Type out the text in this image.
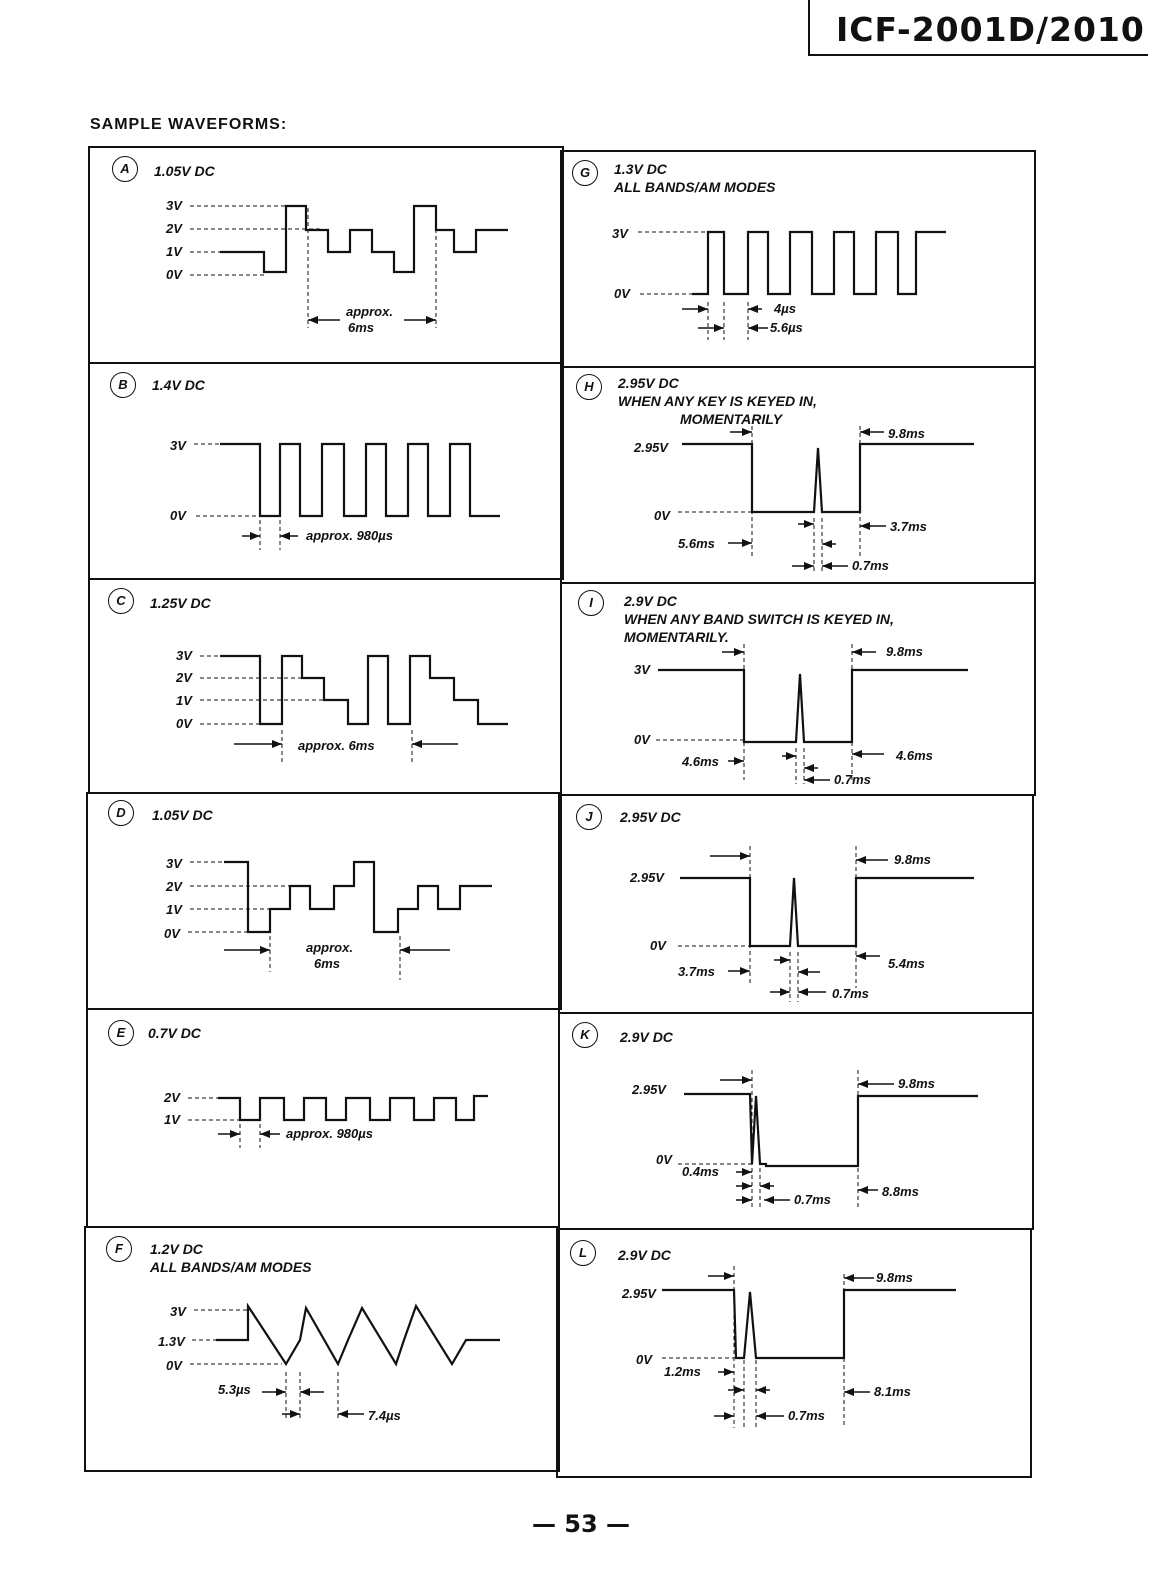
ICF-2001D/2010
SAMPLE WAVEFORMS:
A	1.05V DC
3V
2V
1V
0V
approx.
6ms
G	1.3V DC
ALL BANDS/AM MODES
3V
0V
4µs
5.6µs
B	1.4V DC
3V
0V
approx. 980µs
H	2.95V DC
WHEN ANY KEY IS KEYED IN,
MOMENTARILY
2.95V
0V
9.8ms
3.7ms
5.6ms
0.7ms
C	1.25V DC
3V
2V
1V
0V
approx. 6ms
I	2.9V DC
WHEN ANY BAND SWITCH IS KEYED IN,
MOMENTARILY.
3V
0V
9.8ms
4.6ms
4.6ms
0.7ms
D	1.05V DC
3V
2V
1V
0V
approx.
6ms
J	2.95V DC
2.95V
0V
9.8ms
5.4ms
3.7ms
0.7ms
E	0.7V DC
2V
1V
approx. 980µs
K	2.9V DC
2.95V
0V
9.8ms
0.4ms
0.7ms
8.8ms
F	1.2V DC
ALL BANDS/AM MODES
3V
1.3V
0V
5.3µs
7.4µs
L	2.9V DC
2.95V
0V
9.8ms
1.2ms
0.7ms
8.1ms
— 53 —
